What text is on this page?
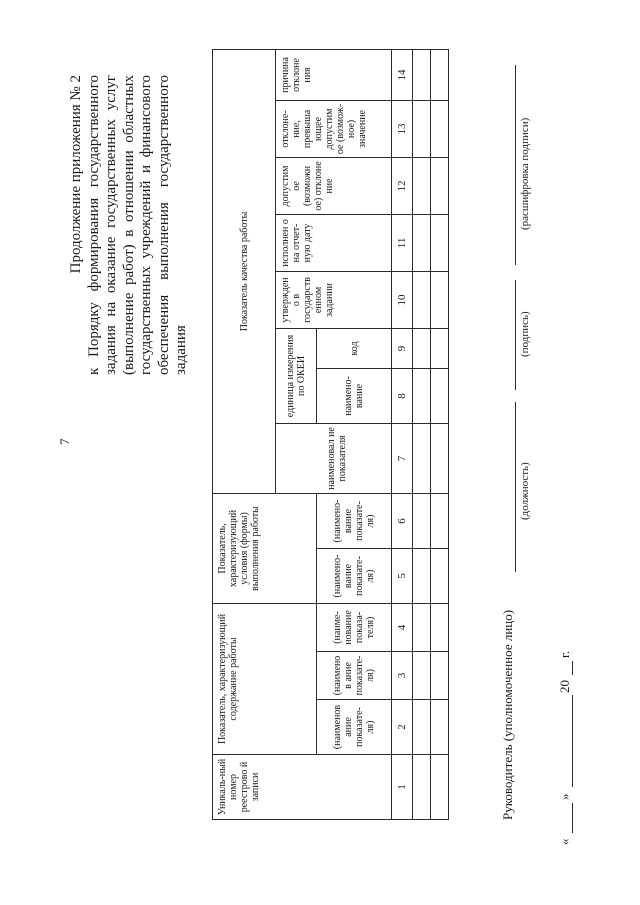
7
Продолжение приложения № 2 к Порядку формирования государственного задания на оказание государственных услуг (выполнение работ) в отношении областных государственных учреждений и финансового обеспечения выполнения государственного задания
Уникаль-ный номер реестрово й записи	Показатель, характеризующий содержание работы			Показатель, характеризующий условия (формы) выполнения работы		Показатель качества работы							
						наименовал ие показателя	единица измерения по ОКЕИ		утвержден о в государств енном задании	исполнен о на отчет-ную дату	допустим ое (возможн ое) отклоне ние	отклоне-ние, превыша ющее допустим ое (возмож-ное) значение	причина отклоне ния
	(наименов ание показате-ля)	(наименов ание показате-ля)	(наиме-нование показа-теля)	(наимено-вание показате-ля)	(наимено-вание показате-ля)		наимено-вание	код					
1	2	3	4	5	6	7	8	9	10	11	12	13	14

Руководитель (уполномоченное лицо)
(должность)
(подпись)
(расшифровка подписи)
«
»
20
г.
